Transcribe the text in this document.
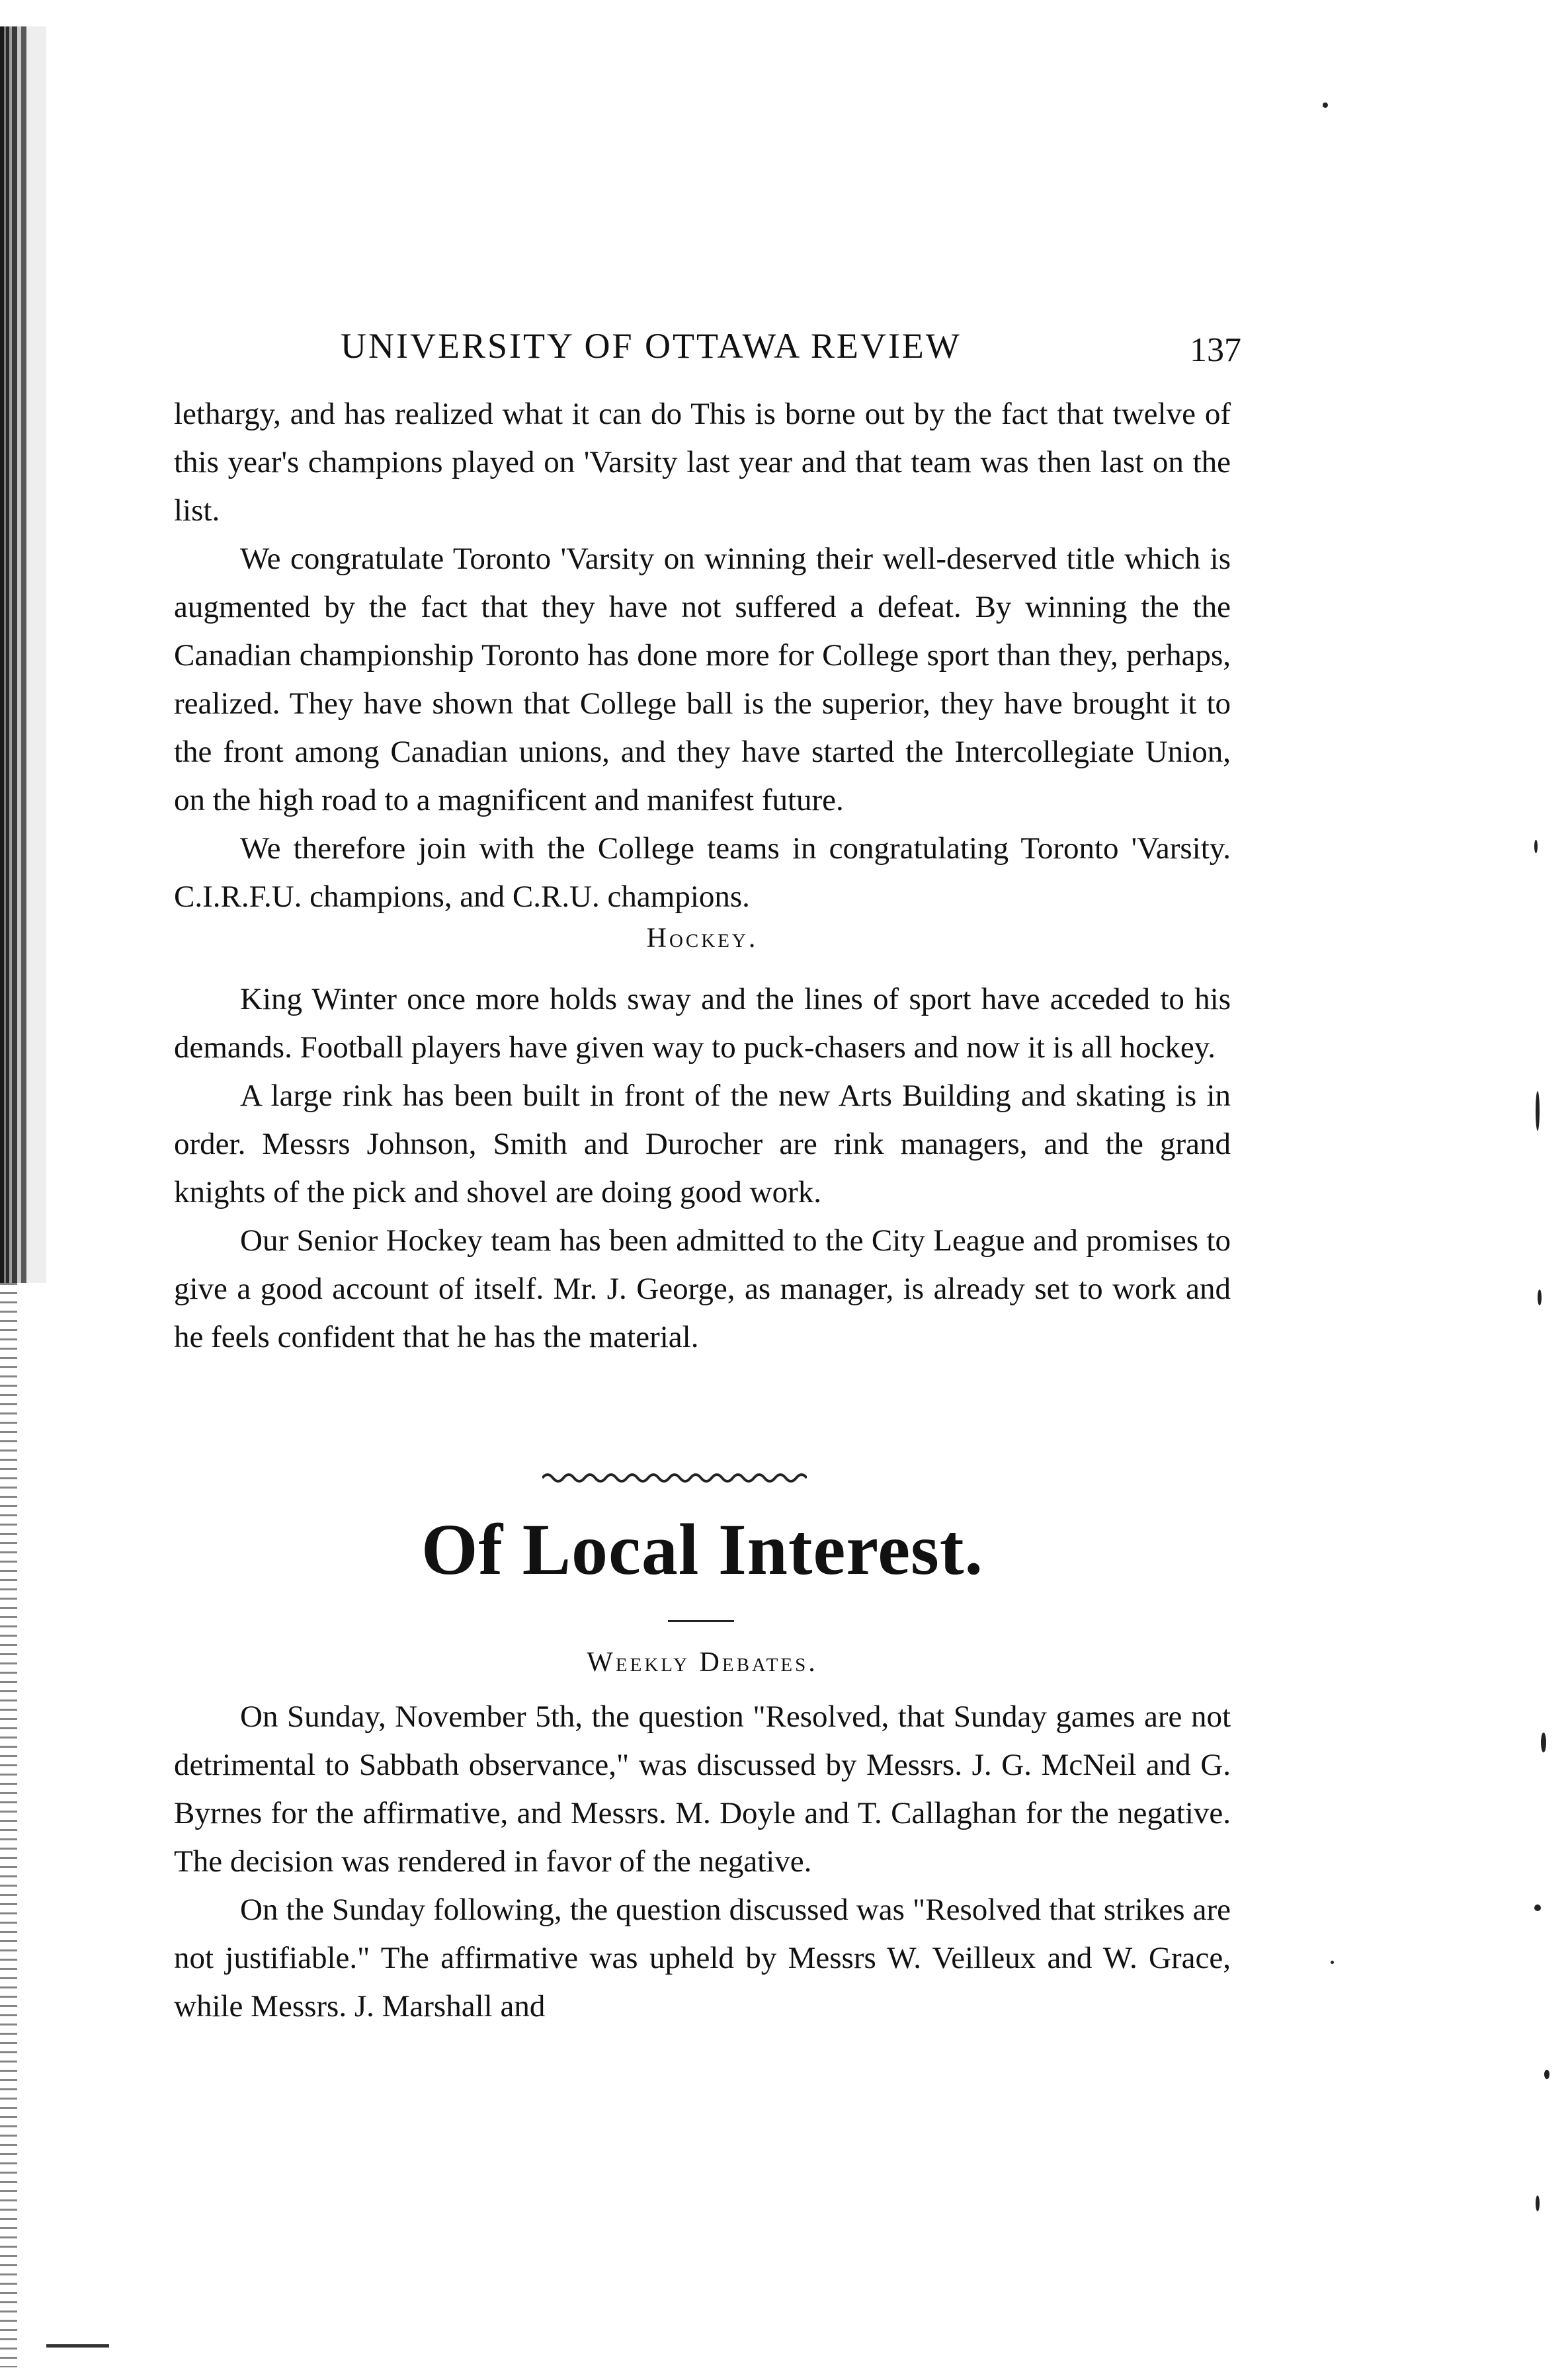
UNIVERSITY OF OTTAWA REVIEW	137

lethargy, and has realized what it can do This is borne out by the fact that twelve of this year's champions played on 'Varsity last year and that team was then last on the list.

We congratulate Toronto 'Varsity on winning their well-deserved title which is augmented by the fact that they have not suffered a defeat. By winning the the Canadian championship Toronto has done more for College sport than they, perhaps, realized. They have shown that College ball is the superior, they have brought it to the front among Canadian unions, and they have started the Intercollegiate Union, on the high road to a magnificent and manifest future.

We therefore join with the College teams in congratulating Toronto 'Varsity. C.I.R.F.U. champions, and C.R.U. champions.

Hockey.

King Winter once more holds sway and the lines of sport have acceded to his demands. Football players have given way to puck-chasers and now it is all hockey.

A large rink has been built in front of the new Arts Building and skating is in order. Messrs Johnson, Smith and Durocher are rink managers, and the grand knights of the pick and shovel are doing good work.

Our Senior Hockey team has been admitted to the City League and promises to give a good account of itself. Mr. J. George, as manager, is already set to work and he feels confident that he has the material.

Of Local Interest.
Weekly Debates.

On Sunday, November 5th, the question "Resolved, that Sunday games are not detrimental to Sabbath observance," was discussed by Messrs. J. G. McNeil and G. Byrnes for the affirmative, and Messrs. M. Doyle and T. Callaghan for the negative. The decision was rendered in favor of the negative.

On the Sunday following, the question discussed was "Resolved that strikes are not justifiable." The affirmative was upheld by Messrs W. Veilleux and W. Grace, while Messrs. J. Marshall and
